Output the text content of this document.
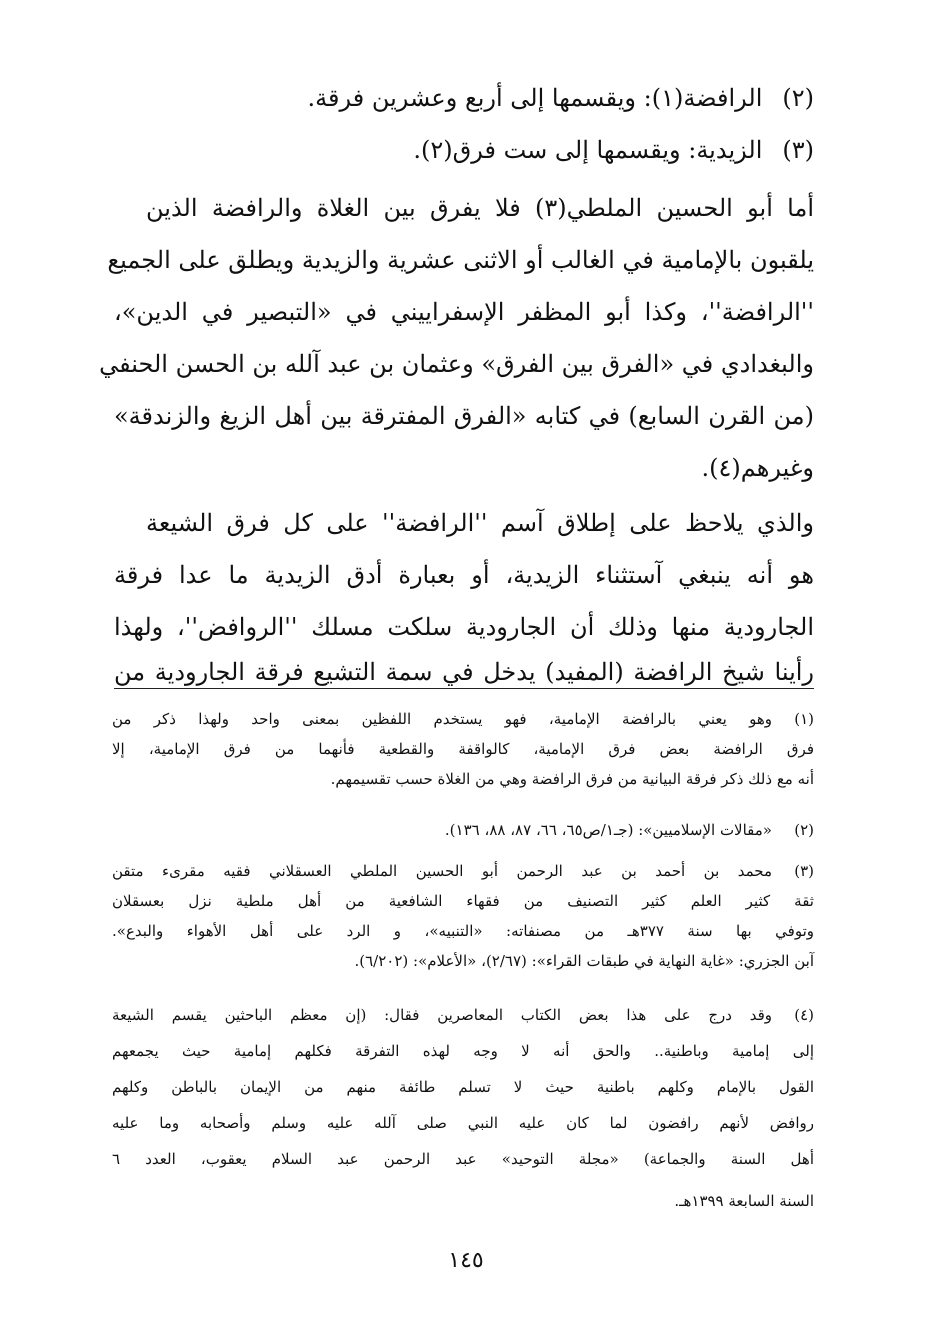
(٢)الرافضة(١): ويقسمها إلى أربع وعشرين فرقة.
(٣)الزيدية: ويقسمها إلى ست فرق(٢).
أما أبو الحسين الملطي(٣) فلا يفرق بين الغلاة والرافضة الذين
يلقبون بالإمامية في الغالب أو الاثنى عشرية والزيدية ويطلق على الجميع
''الرافضة''، وكذا أبو المظفر الإسفراييني في «التبصير في الدين»،
والبغدادي في «الفرق بين الفرق» وعثمان بن عبد آلله بن الحسن الحنفي
(من القرن السابع) في كتابه «الفرق المفترقة بين أهل الزيغ والزندقة»
وغيرهم(٤).
والذي يلاحظ على إطلاق آسم ''الرافضة'' على كل فرق الشيعة
هو أنه ينبغي آستثناء الزيدية، أو بعبارة أدق الزيدية ما عدا فرقة
الجارودية منها وذلك أن الجارودية سلكت مسلك ''الروافض''، ولهذا
رأينا شيخ الرافضة (المفيد) يدخل في سمة التشيع فرقة الجارودية من
(١)
وهو يعني بالرافضة الإمامية، فهو يستخدم اللفظين بمعنى واحد ولهذا ذكر من
فرق الرافضة بعض فرق الإمامية، كالواقفة والقطعية فأنهما من فرق الإمامية، إلا
أنه مع ذلك ذكر فرقة البيانية من فرق الرافضة وهي من الغلاة حسب تقسيمهم.
(٢)
«مقالات الإسلاميين»: (جـ١/ص٦٥، ٦٦، ٨٧، ٨٨، ١٣٦).
(٣)
محمد بن أحمد بن عبد الرحمن أبو الحسين الملطي العسقلاني فقيه مقرىء متقن
ثقة كثير العلم كثير التصنيف من فقهاء الشافعية من أهل ملطية نزل بعسقلان
وتوفي بها سنة ٣٧٧هـ من مصنفاته: «التنبيه»، و الرد على أهل الأهواء والبدع».
آبن الجزري: «غاية النهاية في طبقات القراء»: (٢/٦٧)، «الأعلام»: (٦/٢٠٢).
(٤)
وقد درج على هذا بعض الكتاب المعاصرين فقال: (إن معظم الباحثين يقسم الشيعة
إلى إمامية وباطنية.. والحق أنه لا وجه لهذه التفرقة فكلهم إمامية حيث يجمعهم
القول بالإمام وكلهم باطنية حيث لا تسلم طائفة منهم من الإيمان بالباطن وكلهم
روافض لأنهم رافضون لما كان عليه النبي صلى آلله عليه وسلم وأصحابه وما عليه
أهل السنة والجماعة) «مجلة التوحيد» عبد الرحمن عبد السلام يعقوب، العدد ٦
السنة السابعة ١٣٩٩هـ.
١٤٥
